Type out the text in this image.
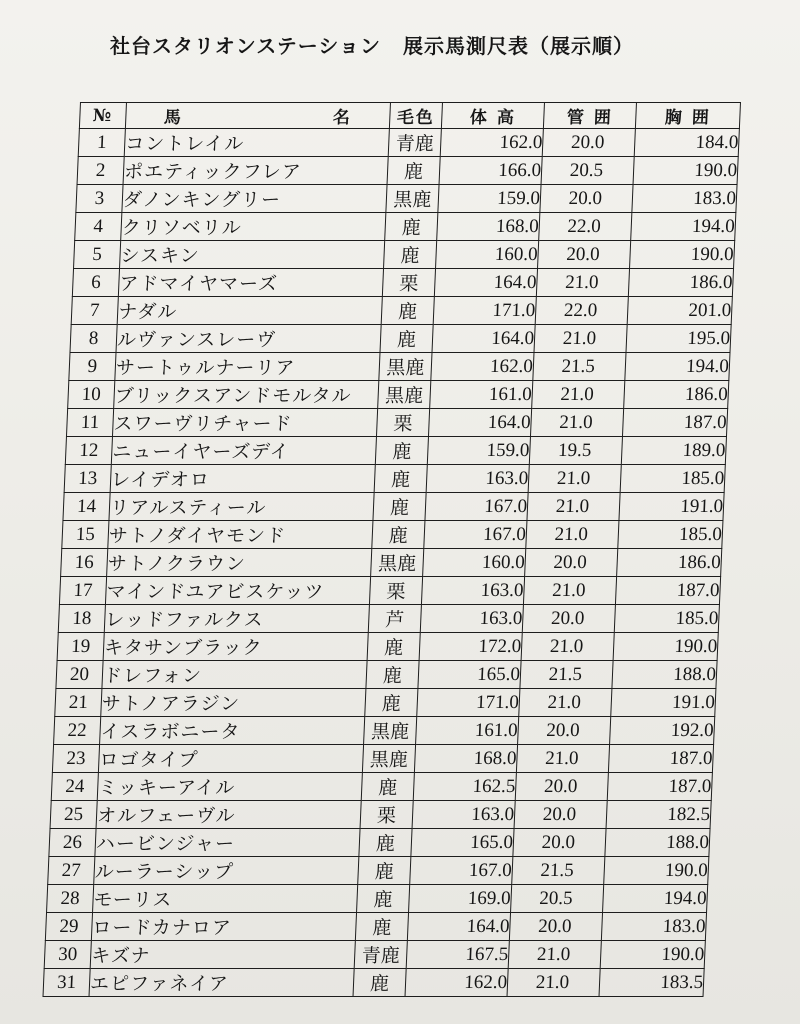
社台スタリオンステーション 展示馬測尺表（展示順）
№	馬 名	毛色	体 高	管 囲	胸 囲
1	コントレイル	青鹿	162.0	20.0	184.0
2	ポエティックフレア	鹿	166.0	20.5	190.0
3	ダノンキングリー	黒鹿	159.0	20.0	183.0
4	クリソベリル	鹿	168.0	22.0	194.0
5	シスキン	鹿	160.0	20.0	190.0
6	アドマイヤマーズ	栗	164.0	21.0	186.0
7	ナダル	鹿	171.0	22.0	201.0
8	ルヴァンスレーヴ	鹿	164.0	21.0	195.0
9	サートゥルナーリア	黒鹿	162.0	21.5	194.0
10	ブリックスアンドモルタル	黒鹿	161.0	21.0	186.0
11	スワーヴリチャード	栗	164.0	21.0	187.0
12	ニューイヤーズデイ	鹿	159.0	19.5	189.0
13	レイデオロ	鹿	163.0	21.0	185.0
14	リアルスティール	鹿	167.0	21.0	191.0
15	サトノダイヤモンド	鹿	167.0	21.0	185.0
16	サトノクラウン	黒鹿	160.0	20.0	186.0
17	マインドユアビスケッツ	栗	163.0	21.0	187.0
18	レッドファルクス	芦	163.0	20.0	185.0
19	キタサンブラック	鹿	172.0	21.0	190.0
20	ドレフォン	鹿	165.0	21.5	188.0
21	サトノアラジン	鹿	171.0	21.0	191.0
22	イスラボニータ	黒鹿	161.0	20.0	192.0
23	ロゴタイプ	黒鹿	168.0	21.0	187.0
24	ミッキーアイル	鹿	162.5	20.0	187.0
25	オルフェーヴル	栗	163.0	20.0	182.5
26	ハービンジャー	鹿	165.0	20.0	188.0
27	ルーラーシップ	鹿	167.0	21.5	190.0
28	モーリス	鹿	169.0	20.5	194.0
29	ロードカナロア	鹿	164.0	20.0	183.0
30	キズナ	青鹿	167.5	21.0	190.0
31	エピファネイア	鹿	162.0	21.0	183.5
